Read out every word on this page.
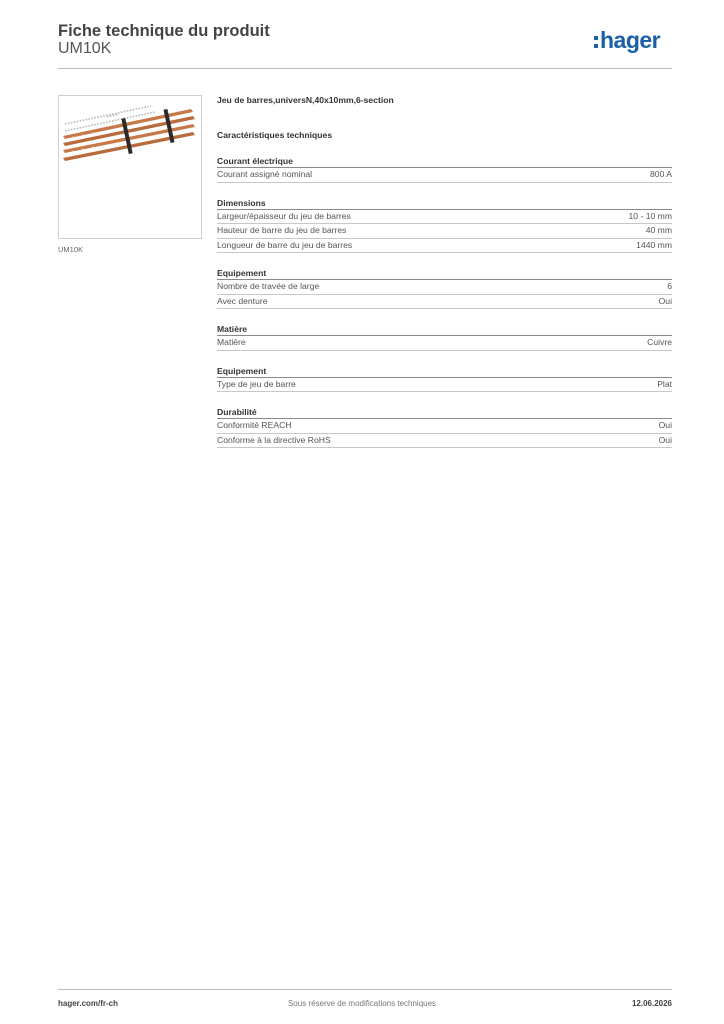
Fiche technique du produit
UM10K	hager
UM10K
Jeu de barres,universN,40x10mm,6-section
Caractéristiques techniques
Courant électrique
Courant assigné nominal	800 A
Dimensions
Largeur/épaisseur du jeu de barres	10 - 10 mm
Hauteur de barre du jeu de barres	40 mm
Longueur de barre du jeu de barres	1440 mm
Equipement
Nombre de travée de large	6
Avec denture	Oui
Matière
Matière	Cuivre
Equipement
Type de jeu de barre	Plat
Durabilité
Conformité REACH	Oui
Conforme à la directive RoHS	Oui
hager.com/fr-ch	Sous réserve de modifications techniques	12.06.2026
